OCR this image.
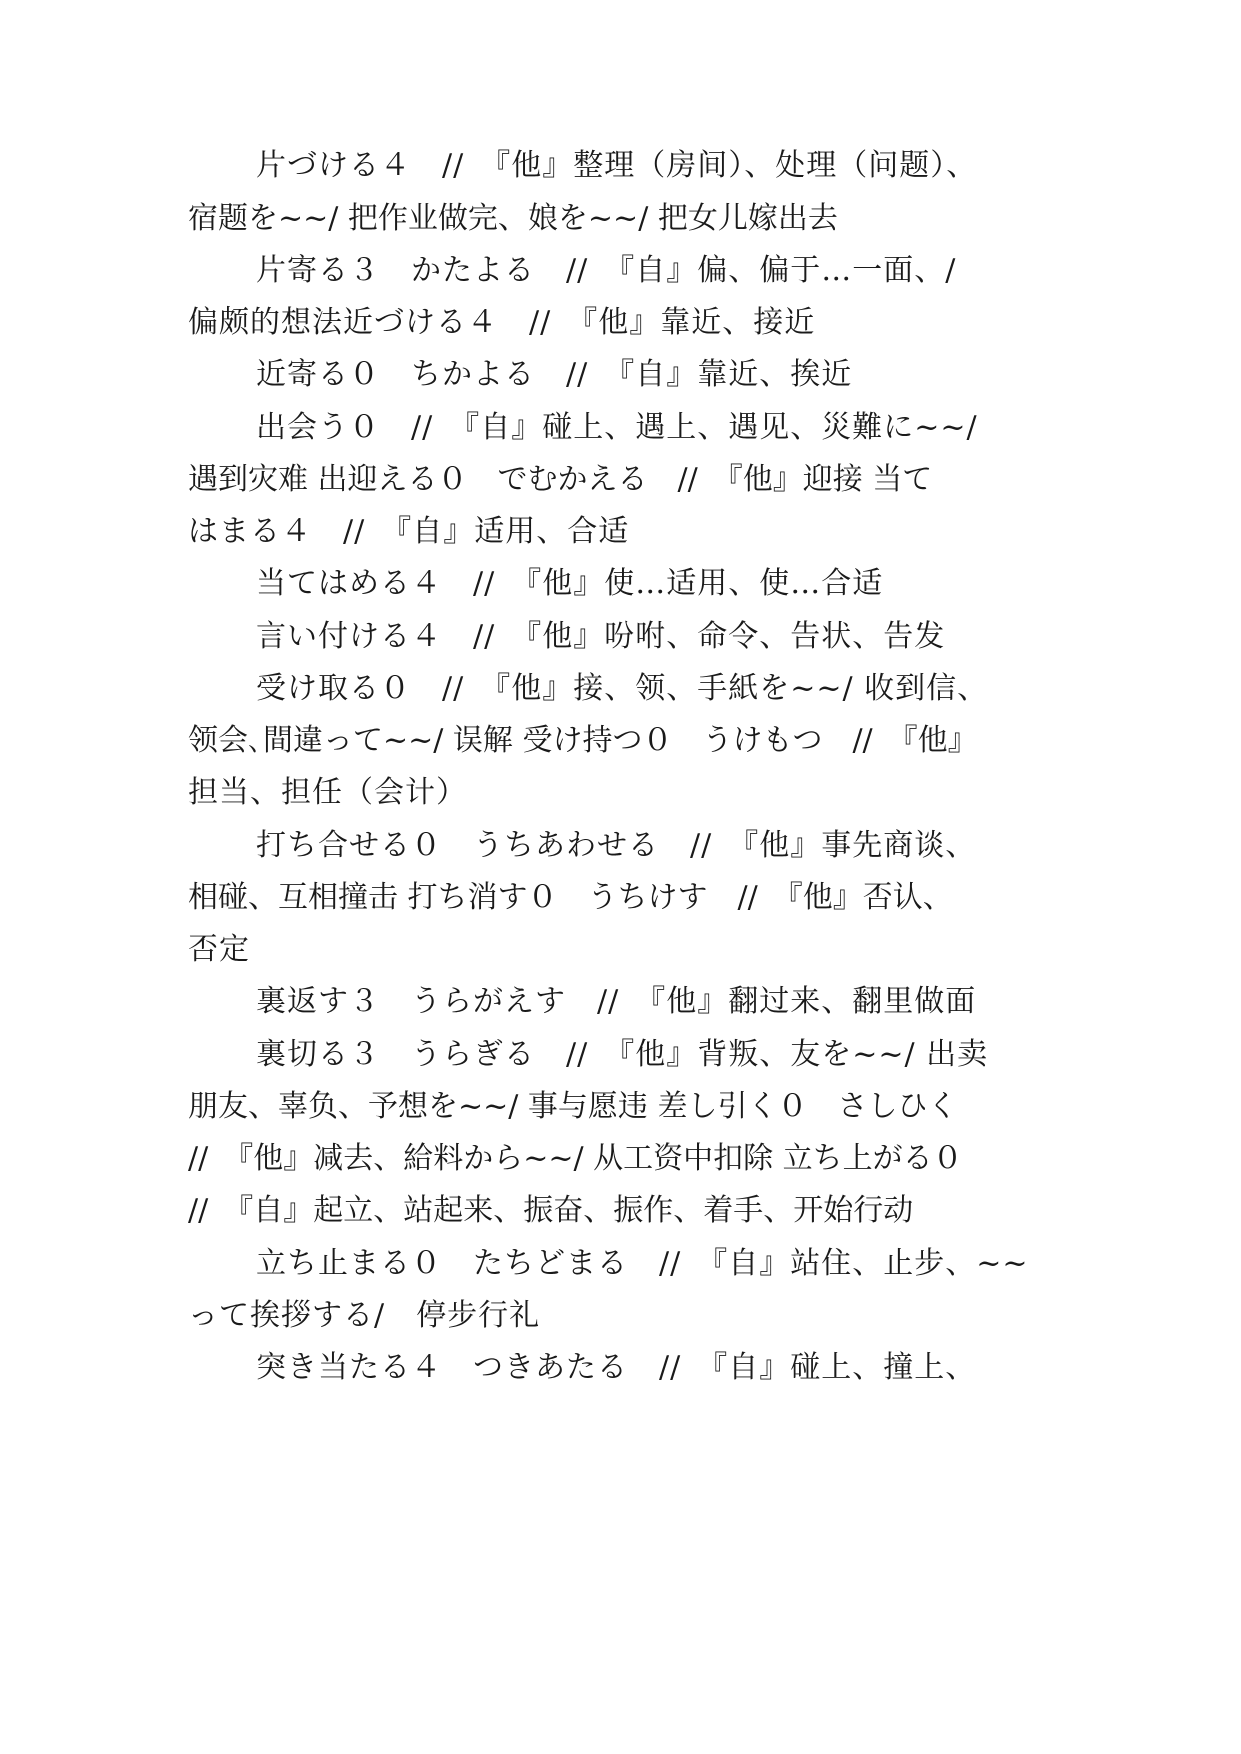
片づける４　//　『他』整理（房间）、处理（问题）、
宿题を~~/ 把作业做完、娘を~~/ 把女儿嫁出去
片寄る３　かたよる　//　『自』偏、偏于…一面、/
偏颇的想法近づける４　//　『他』靠近、接近
近寄る０　ちかよる　//　『自』靠近、挨近
出会う０　//　『自』碰上、遇上、遇见、災難に~~/
遇到灾难 出迎える０　でむかえる　//　『他』迎接 当て
はまる４　//　『自』适用、合适
当てはめる４　//　『他』使…适用、使…合适
言い付ける４　//　『他』吩咐、命令、告状、告发
受け取る０　//　『他』接、领、手紙を~~/ 收到信、
领会､間違って~~/ 误解 受け持つ０　うけもつ　//　『他』
担当、担任（会计）
打ち合せる０　うちあわせる　//　『他』事先商谈、
相碰、互相撞击 打ち消す０　うちけす　//　『他』否认、
否定
裏返す３　うらがえす　//　『他』翻过来、翻里做面
裏切る３　うらぎる　//　『他』背叛、友を~~/ 出卖
朋友、辜负、予想を~~/ 事与愿违 差し引く０　さしひく
//　『他』减去、給料から~~/ 从工资中扣除 立ち上がる０
//　『自』起立、站起来、振奋、振作、着手、开始行动
立ち止まる０　たちどまる　//　『自』站住、止步、~~
って挨拶する/　停步行礼
突き当たる４　つきあたる　//　『自』碰上、撞上、
